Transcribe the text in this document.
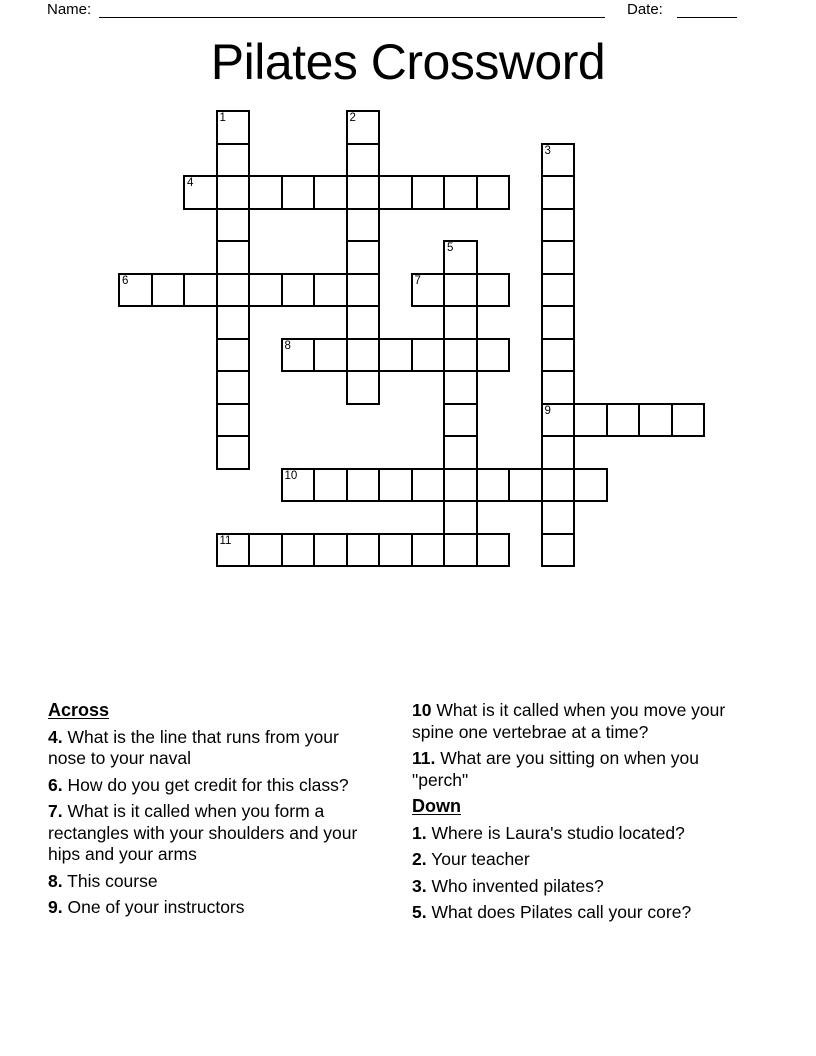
Name:	Date:
Pilates Crossword
1	2
3
9
4
5
6	7
8
10
11

Across

4. What is the line that runs from your nose to your naval

6. How do you get credit for this class?

7. What is it called when you form a rectangles with your shoulders and your hips and your arms

8. This course

9. One of your instructors

10 What is it called when you move your spine one vertebrae at a time?

11. What are you sitting on when you "perch"

Down

1. Where is Laura's studio located?

2. Your teacher

3. Who invented pilates?

5. What does Pilates call your core?
